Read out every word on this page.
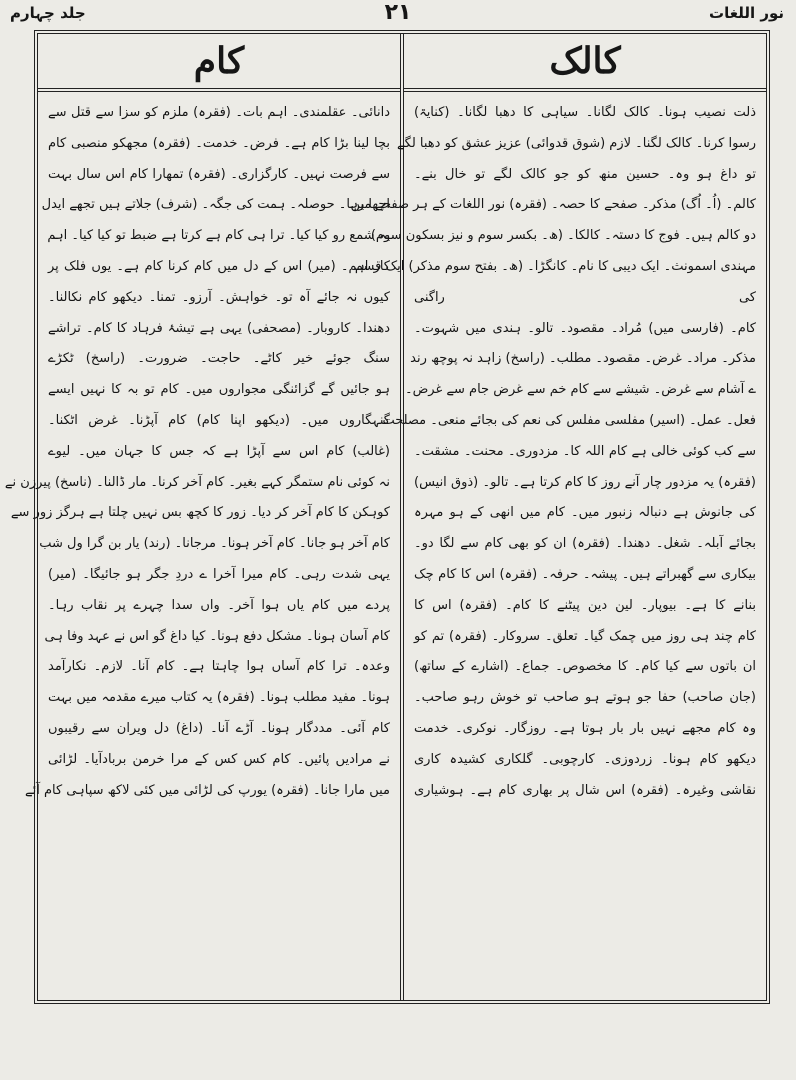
جلد چہارم	۲۱	نور اللغات
کام
دانائی۔ عقلمندی۔ اہم بات۔ (فقرہ) ملزم کو سزا سے قتل سے
بچا لینا بڑا کام ہے۔ فرض۔ خدمت۔ (فقرہ) مجھکو منصبی کام
سے فرصت نہیں۔ کارگزاری۔ (فقرہ) تمھارا کام اس سال بہت
اچھا رہا۔ حوصلہ۔ ہمت کی جگہ۔ (شرف) جلاتے ہیں تجھے ایدل
یہ شمع رو کیا کیا۔ ترا ہی کام ہے کرتا ہے ضبط تو کیا کیا۔ اہم
کار اہم۔ (میر) اس کے دل میں کام کرنا کام ہے۔ یوں فلک پر
کیوں نہ جائے آہ تو۔ خواہش۔ آرزو۔ تمنا۔ دیکھو کام نکالنا۔
دھندا۔ کاروبار۔ (مصحفی) یہی ہے تیشۂ فرہاد کا کام۔ تراشے
سنگ جوئے خیر کاٹے۔ حاجت۔ ضرورت۔ (راسخ) ٹکڑے
ہو جائیں گے گزائنگی مجواروں میں۔ کام تو بہ کا نہیں ایسے
گنہگاروں میں۔ (دیکھو اپنا کام) کام آپڑنا۔ غرض اٹکنا۔
(غالب) کام اس سے آپڑا ہے کہ جس کا جہان میں۔ لیوے
نہ کوئی نام ستمگر کہے بغیر۔ کام آخر کرنا۔ مار ڈالنا۔ (ناسخ) پیرزن نے
کوہکن کا کام آخر کر دیا۔ زور کا کچھ بس نہیں چلتا ہے ہرگز زور سے
کام آخر ہو جانا۔ کام آخر ہونا۔ مرجانا۔ (رند) یار بن گرا ول شب
یہی شدت رہی۔ کام میرا آخرا ے دردِ جگر ہو جائیگا۔ (میر)
پردے میں کام یاں ہوا آخر۔ واں سدا چہرے پر نقاب رہا۔
کام آسان ہونا۔ مشکل دفع ہونا۔ کیا داغ گو اس نے عہد وفا ہی
وعدہ۔ ترا کام آساں ہوا چاہتا ہے۔ کام آنا۔ لازم۔ نکارآمد
ہونا۔ مفید مطلب ہونا۔ (فقرہ) یہ کتاب میرے مقدمہ میں بہت
کام آئی۔ مددگار ہونا۔ آڑے آنا۔ (داغ) دل ویران سے رقیبوں
نے مرادیں پائیں۔ کام کس کس کے مرا خرمن بربادآیا۔ لڑائی
میں مارا جانا۔ (فقرہ) یورپ کی لڑائی میں کئی لاکھ سپاہی کام آئے
کالک
ذلت نصیب ہونا۔ کالک لگانا۔ سیاہی کا دھبا لگانا۔ (کنایۃ)
رسوا کرنا۔ کالک لگنا۔ لازم (شوق قدوائی) عزیز عشق کو دھبا لگے
تو داغ ہو وہ۔ حسین منھ کو جو کالک لگے تو خال بنے۔
کالم۔ (اُ۔ اُگ) مذکر۔ صفحے کا حصہ۔ (فقرہ) نور اللغات کے ہر صفحے میں
دو کالم ہیں۔ فوج کا دستہ۔ کالکا۔ (ھ۔ بکسر سوم و نیز بسکون سوم)
مہندی اسمونث۔ ایک دیبی کا نام۔ کانگڑا۔ (ھ۔ بفتح سوم مذکر) ایک قسم
کی راگنی
کام۔ (فارسی میں) مُراد۔ مقصود۔ تالو۔ ہندی میں شہوت۔
مذکر۔ مراد۔ غرض۔ مقصود۔ مطلب۔ (راسخ) زاہد نہ پوچھ رند
ے آشام سے غرض۔ شیشے سے کام خم سے غرض جام سے غرض۔
فعل۔ عمل۔ (اسیر) مفلسی مفلس کی نعم کی بجائے منعی۔ مصلحت
سے کب کوئی خالی ہے کام اللہ کا۔ مزدوری۔ محنت۔ مشقت۔
(فقرہ) یہ مزدور چار آنے روز کا کام کرتا ہے۔ تالو۔ (ذوق انیس)
کی جانوش ہے دنبالہ زنبور میں۔ کام میں انھی کے ہو مہرہ
بجائے آبلہ۔ شغل۔ دھندا۔ (فقرہ) ان کو بھی کام سے لگا دو۔
بیکاری سے گھبراتے ہیں۔ پیشہ۔ حرفہ۔ (فقرہ) اس کا کام چک
بنانے کا ہے۔ بیوپار۔ لین دین پیٹنے کا کام۔ (فقرہ) اس کا
کام چند ہی روز میں چمک گیا۔ تعلق۔ سروکار۔ (فقرہ) تم کو
ان باتوں سے کیا کام۔ کا مخصوص۔ جماع۔ (اشارے کے ساتھ)
(جان صاحب) حفا جو ہوتے ہو صاحب تو خوش رہو صاحب۔
وہ کام مجھے نہیں بار بار ہوتا ہے۔ روزگار۔ نوکری۔ خدمت
دیکھو کام ہونا۔ زردوزی۔ کارچوبی۔ گلکاری کشیدہ کاری
نقاشی وغیرہ۔ (فقرہ) اس شال پر بھاری کام ہے۔ ہوشیاری
